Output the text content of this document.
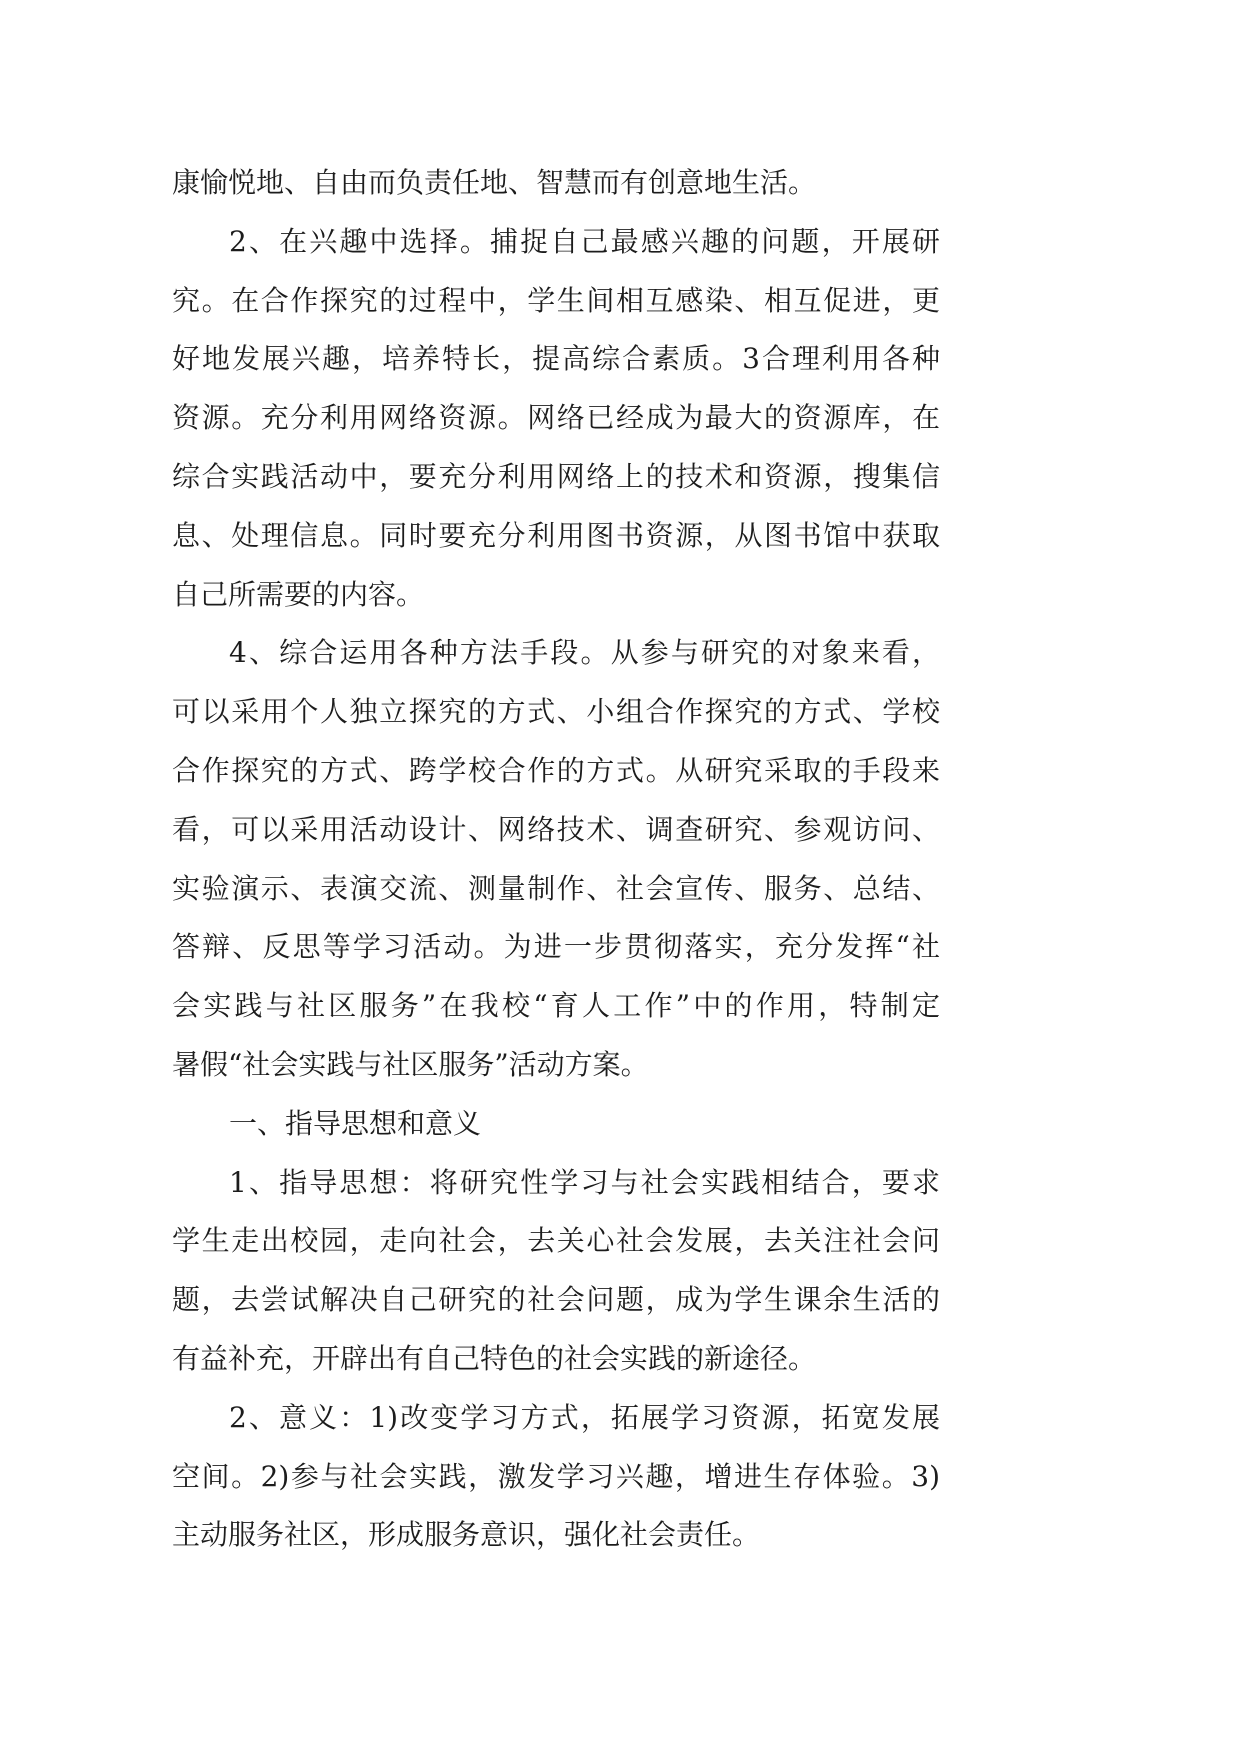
康愉悦地、自由而负责任地、智慧而有创意地生活。
2、在兴趣中选择。捕捉自己最感兴趣的问题，开展研
究。在合作探究的过程中，学生间相互感染、相互促进，更
好地发展兴趣，培养特长，提高综合素质。3合理利用各种
资源。充分利用网络资源。网络已经成为最大的资源库，在
综合实践活动中，要充分利用网络上的技术和资源，搜集信
息、处理信息。同时要充分利用图书资源，从图书馆中获取
自己所需要的内容。
4、综合运用各种方法手段。从参与研究的对象来看，
可以采用个人独立探究的方式、小组合作探究的方式、学校
合作探究的方式、跨学校合作的方式。从研究采取的手段来
看，可以采用活动设计、网络技术、调查研究、参观访问、
实验演示、表演交流、测量制作、社会宣传、服务、总结、
答辩、反思等学习活动。为进一步贯彻落实，充分发挥“社
会实践与社区服务”在我校“育人工作”中的作用，特制定
暑假“社会实践与社区服务”活动方案。
一、指导思想和意义
1、指导思想：将研究性学习与社会实践相结合，要求
学生走出校园，走向社会，去关心社会发展，去关注社会问
题，去尝试解决自己研究的社会问题，成为学生课余生活的
有益补充，开辟出有自己特色的社会实践的新途径。
2、意义：1)改变学习方式，拓展学习资源，拓宽发展
空间。2)参与社会实践，激发学习兴趣，增进生存体验。3)
主动服务社区，形成服务意识，强化社会责任。
